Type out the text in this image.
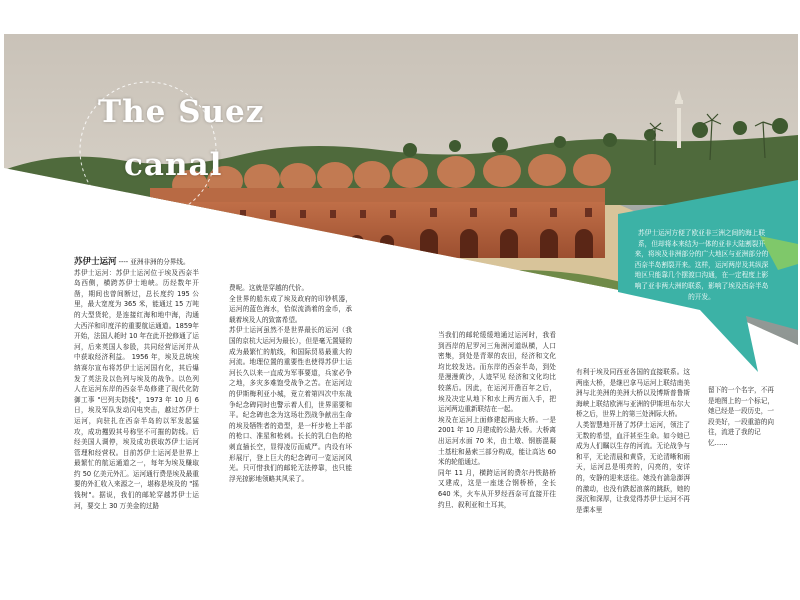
The Suez
canal

苏伊士运河 ---- 亚洲非洲的分界线。
苏伊士运河：苏伊士运河位于埃及西奈半岛西侧，横跨苏伊士地峡。历经数年开凿，期间也曾间断过，总长度约 195 公里，最大宽度为 365 米，能通过 15 万吨的大型货轮，是连接红海和地中海，沟通大西洋和印度洋的重要航运通道。1859年开始，法国人耗时 10 年在此开挖修通了运河，后来英国人参股，共同经营运河并从中获取经济利益。 1956 年，埃及总统埃纳赛尔宣布将苏伊士运河国有化，其后爆发了英法及以色列与埃及的战争。以色列人在运河东岸的西奈半岛修建了现代化防御工事 "巴列夫防线"，1973 年 10 月 6 日，埃及军队发动闪电突击，越过苏伊士运河，向驻扎在西奈半岛的以军发起猛攻，成功攫毁其号称坚不可摧的防线。后经美国人调停，埃及成功获取苏伊士运河管理和经营权。目前苏伊士运河是世界上最繁忙的航运通道之一，每年为埃及赚取约 50 亿美元外汇。运河通行费是埃及最重要的外汇收入来源之一，堪称是埃及的 "摇钱树"。据说，我们的邮轮穿越苏伊士运河，要交上 30 万美金的过路

费呢。这就是穿越的代价。
全世界的船东成了埃及政府的印钞机器，运河的蓝色海水，恰似流淌着的金币，承载着埃及人的致富希望。
苏伊士运河虽然不是世界最长的运河（我国的京杭大运河为最长），但是毫无置疑的成为最繁忙的航线，和国际贸易最重大的河流。地理位置的重要性也使得苏伊士运河长久以来一直成为军事要道，兵家必争之地，多灾多难饱受战争之苦。在运河边的伊斯梅利亚小城，竟立着第四次中东战争纪念碑同时也警示着人们，世界需要和平。纪念碑也念为这场壮烈战争献出生命的埃及牺牲者的造型，是一杆步枪上半部的枪口、准星和枪刺。长长的乳白色的枪刺直插长空，显得凌厉而威严。内设有坏形展厅，登上巨大的纪念碑可一览运河风光。只可惜我们的邮轮无法停靠，也只能浮光掠影地领略其风采了。

当我们的邮轮缓缓地通过运河时，我看到西岸的尼罗河三角洲河道纵横，人口密集，到处是青翠的农田，经济和文化均比较发达。而东岸的西奈半岛，到处是漫漫黄沙，人迹罕见 经济和文化均比较落后。因此，在运河开凿百年之后，埃及决定从地下和水上两方面入手，把运河两边重新联结在一起。
埃及在运河上面修建起两座大桥。一是 2001 年 10 月建成的公路大桥。大桥离出运河水面 70 米，由土墩、钢筋混凝土基柱和悬索三部分构成，能让高达 60 米的轮船通过。
同年 11 月，横跨运河的费尔丹铁路桥又建成，这是一座迷合钢桥桥，全长 640 米，火车从开罗经西奈可直接开往约旦、叙利亚和土耳其，

有利于埃及同西亚各国的直接联系。这两座大桥，是继巴拿马运河上联结南美洲与北美洲的美洲大桥以及博斯普鲁斯海峡上联结欧洲与亚洲的伊斯坦布尔大桥之后，世界上的第三处洲际大桥。
人类智慧地开凿了苏伊士运河，领注了无数的希望，血汗甚至生命。如今她已成为人们瞩以生存的河流。无论战争与和平，无论清晨和黄昏，无论清晰和雨天，运河总是明亮的，闪亮的，安详的，安静的迎来送往。她没有湍急澎湃的激动，也没有跌起浪落的跳跃，她的深沉和深厚，让我觉得苏伊士运河不再是课本里

留下的一个名字，不再是地图上的一个标记，她已经是一段历史，一段美好，一段重游的向往，流进了我的记忆……
苏伊士运河方便了欧亚非三洲之间的海上联系，但却将本来结为一体的亚非大陆割裂开来，将埃及非洲部分的广大地区与亚洲部分的西奈半岛割裂开来。这样，运河两岸及其纵深地区只能靠几个摆渡口沟通，在一定程度上影响了亚非两大洲的联系，影响了埃及西奈半岛的开发。
